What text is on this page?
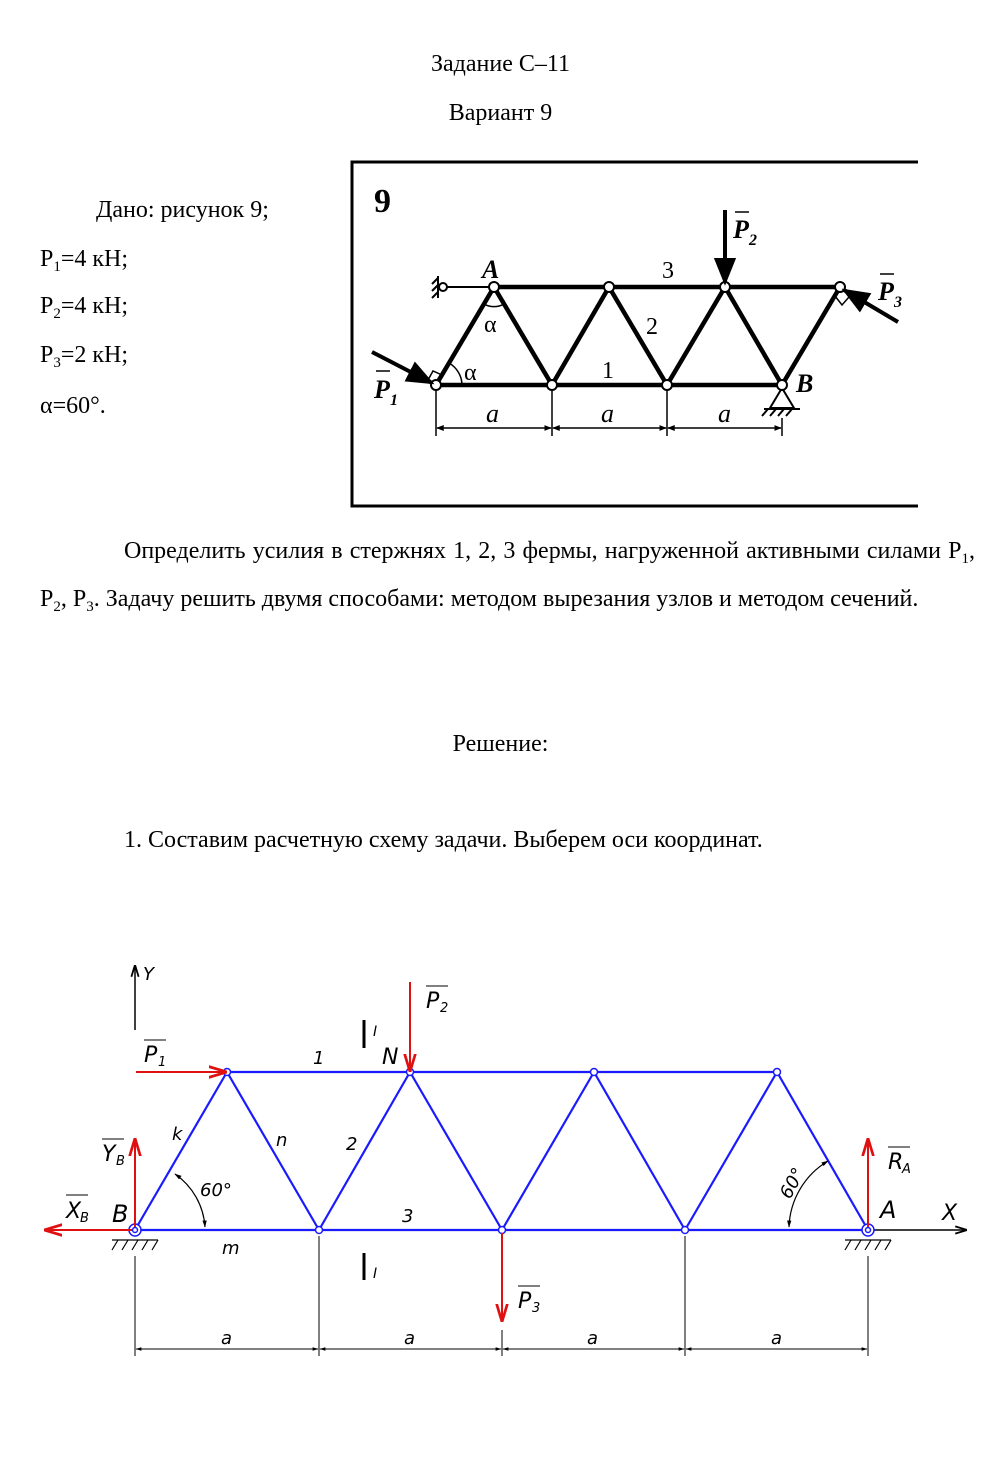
Задание С–11
Вариант 9
Дано: рисунок 9;
$P_1=4$ кН;
$P_2=4$ кН;
$P_3=2$ кН;
α=60°.
9
A
B
P
P
P
1
2
3
α
α
1
2
3
a	a	a
Определить усилия в стержнях 1, 2, 3 фермы, нагруженной активными силами $P_1$, $P_2$, $P_3$. Задачу решить двумя способами: методом вырезания узлов и методом сечений.
Решение:
1. Составим расчетную схему задачи. Выберем оси координат.
Y
X
P
P
P
Y
X
R
B	A
N
1
2
3
B
B
A
k	n
m
1
2
3
60°	60°
I
I
a	a	a	a
